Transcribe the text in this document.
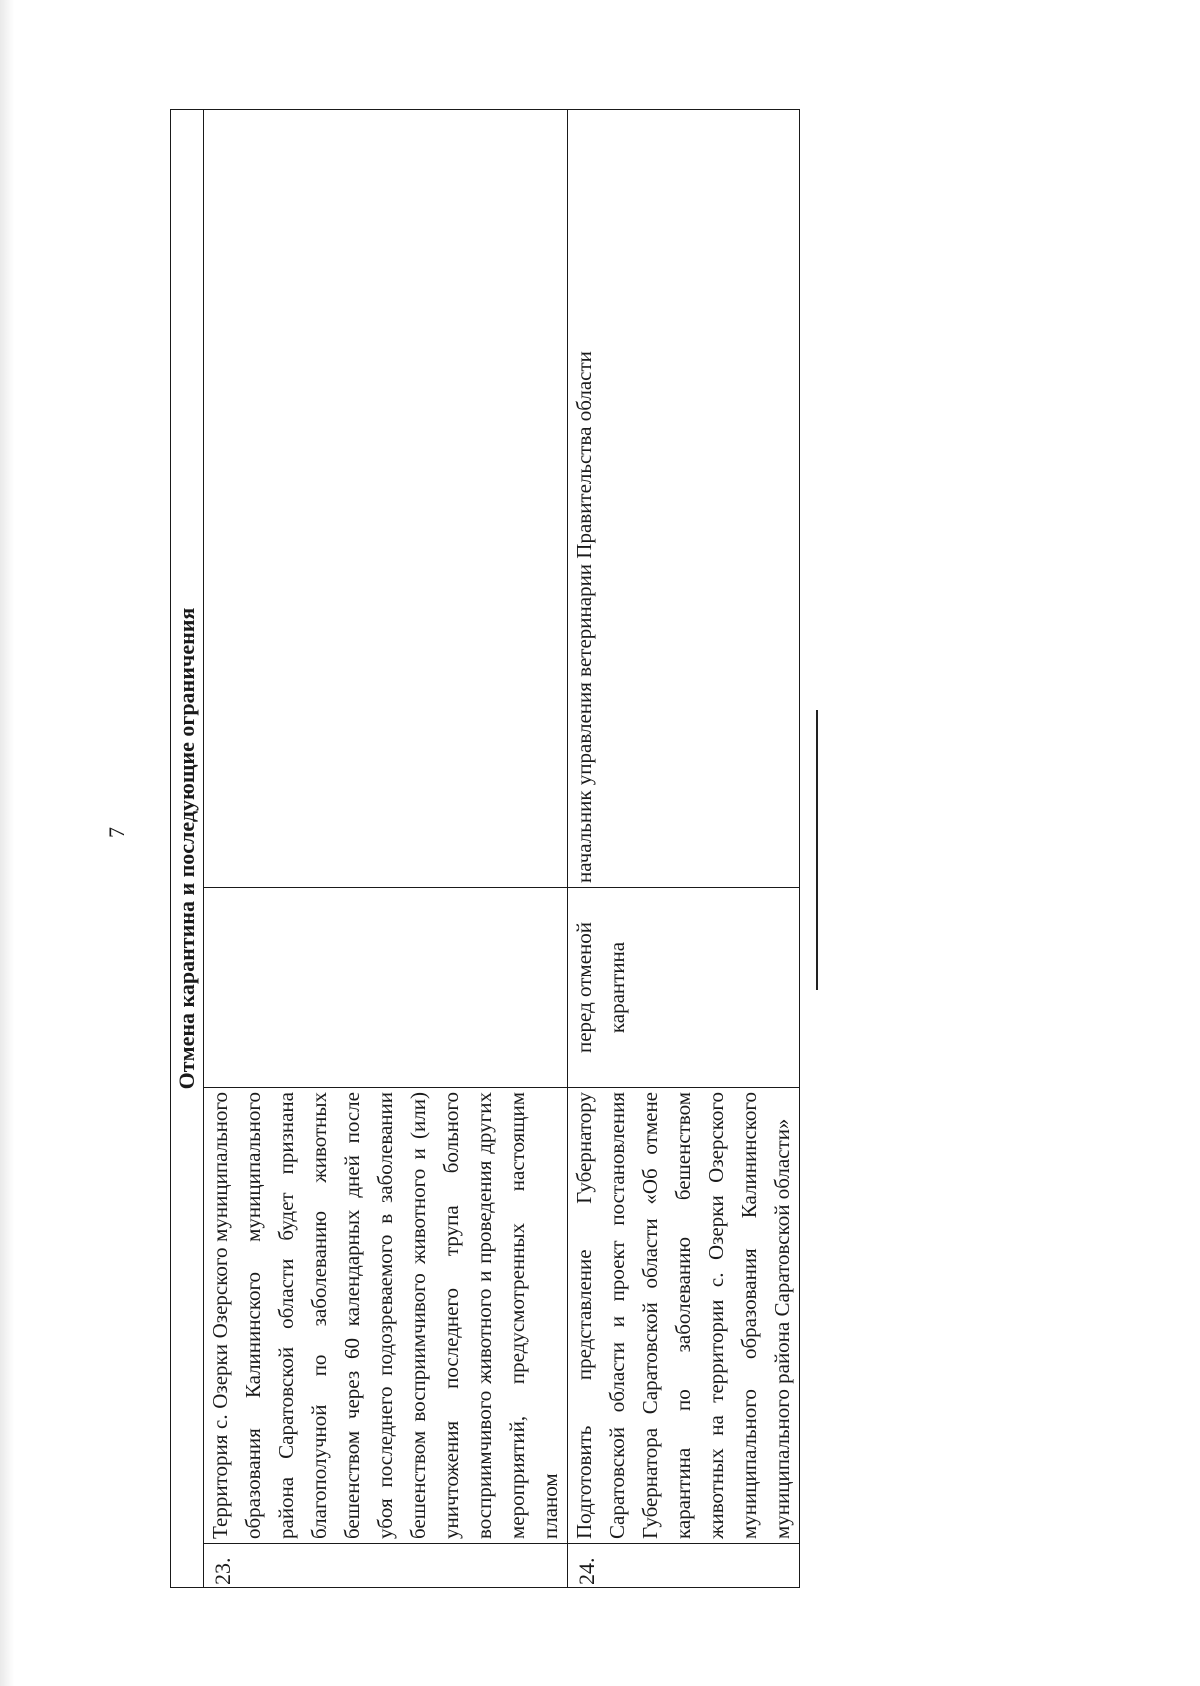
7 Отмена карантина и последующие ограничения			
23.	Территория с. Озерки Озерского муниципального образования Калининского муниципального района Саратовской области будет признана благополучной по заболеванию животных бешенством через 60 календарных дней после убоя последнего подозреваемого в заболевании бешенством восприимчивого животного и (или) уничтожения последнего трупа больного восприимчивого животного и проведения других мероприятий, предусмотренных настоящим планом		
24.	Подготовить представление Губернатору Саратовской области и проект постановления Губернатора Саратовской области «Об отмене карантина по заболеванию бешенством животных на территории с. Озерки Озерского муниципального образования Калининского муниципального района Саратовской области»	перед отменой карантина	начальник управления ветеринарии Правительства области
